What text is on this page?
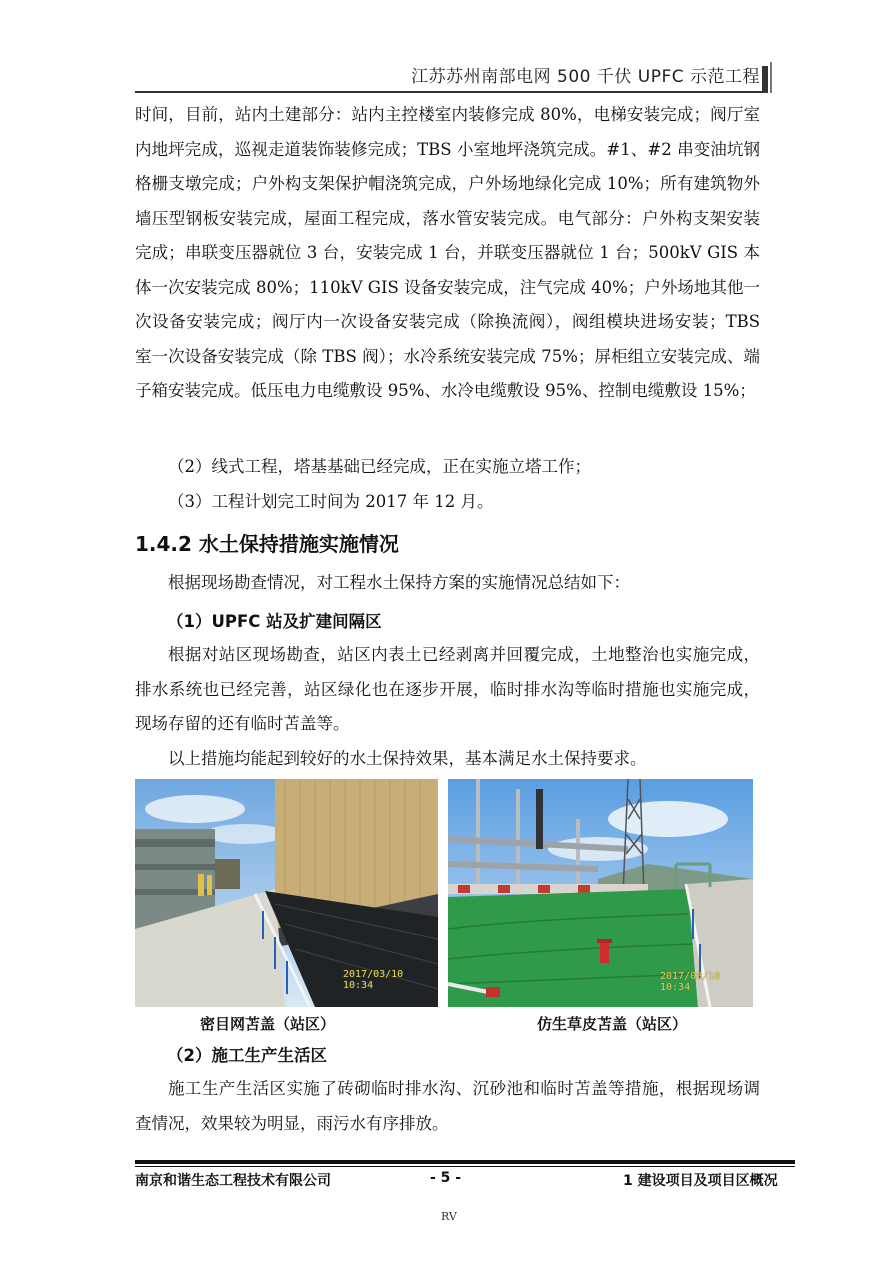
江苏苏州南部电网 500 千伏 UPFC 示范工程
时间，目前，站内土建部分：站内主控楼室内装修完成 80%，电梯安装完成；阀厅室内地坪完成，巡视走道装饰装修完成；TBS 小室地坪浇筑完成。#1、#2 串变油坑钢格栅支墩完成；户外构支架保护帽浇筑完成，户外场地绿化完成 10%；所有建筑物外墙压型钢板安装完成，屋面工程完成，落水管安装完成。电气部分：户外构支架安装完成；串联变压器就位 3 台，安装完成 1 台，并联变压器就位 1 台；500kV GIS 本体一次安装完成 80%；110kV GIS 设备安装完成，注气完成 40%；户外场地其他一次设备安装完成；阀厅内一次设备安装完成（除换流阀），阀组模块进场安装；TBS 室一次设备安装完成（除 TBS 阀）；水冷系统安装完成 75%；屏柜组立安装完成、端子箱安装完成。低压电力电缆敷设 95%、水冷电缆敷设 95%、控制电缆敷设 15%；
（2）线式工程，塔基基础已经完成，正在实施立塔工作；
（3）工程计划完工时间为 2017 年 12 月。
1.4.2 水土保持措施实施情况
根据现场勘查情况，对工程水土保持方案的实施情况总结如下：
（1）UPFC 站及扩建间隔区
根据对站区现场勘查，站区内表土已经剥离并回覆完成，土地整治也实施完成，排水系统也已经完善，站区绿化也在逐步开展，临时排水沟等临时措施也实施完成，现场存留的还有临时苫盖等。
以上措施均能起到较好的水土保持效果，基本满足水土保持要求。
2017/03/10 10:34
2017/08/18 10:34
密目网苫盖（站区）	仿生草皮苫盖（站区）
（2）施工生产生活区
施工生产生活区实施了砖砌临时排水沟、沉砂池和临时苫盖等措施，根据现场调查情况，效果较为明显，雨污水有序排放。
南京和谐生态工程技术有限公司	- 5 -	1 建设项目及项目区概况
RV
